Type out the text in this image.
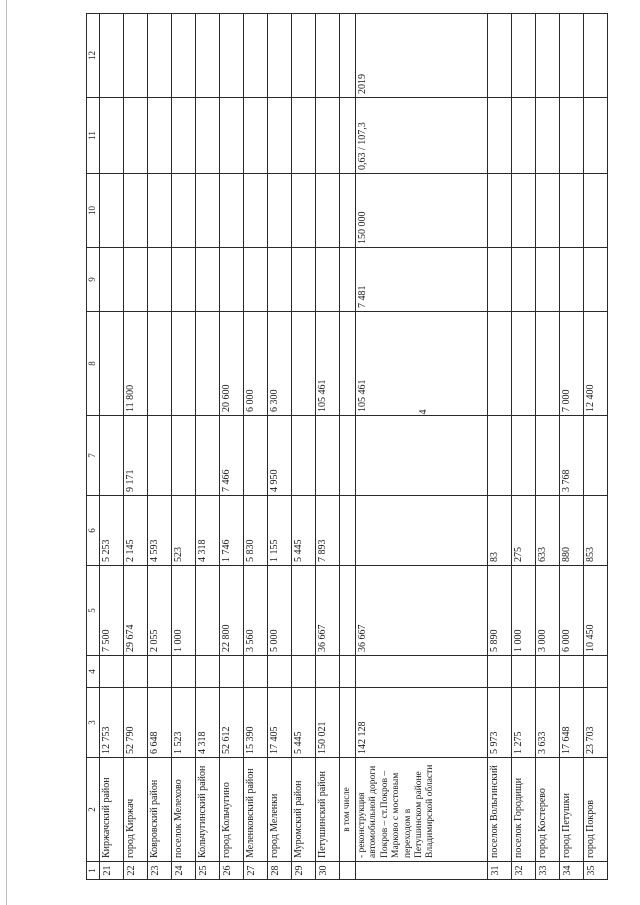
4
1	2	3	4	5	6	7	8	9	10	11	12
21	Киржачский район	12 753		7 500	5 253						
22	город Киржач	52 790		29 674	2 145	9 171	11 800				
23	Ковровский район	6 648		2 055	4 593						
24	поселок Мелехово	1 523		1 000	523						
25	Кольчугинский район	4 318			4 318						
26	город Кольчугино	52 612		22 800	1 746	7 466	20 600				
27	Меленковский район	15 390		3 560	5 830		6 000				
28	город Меленки	17 405		5 000	1 155	4 950	6 300				
29	Муромский район	5 445			5 445						
30	Петушинский район	150 021		36 667	7 893		105 461				
	в том числе										
	- реконструкция автомобильной дороги Покров – ст.Покров – Марково с мостовым переходом в Петушинском районе Владимирской области	142 128		36 667			105 461	7 481	150 000	0,63 / 107,3	2019
31	поселок Вольгинский	5 973		5 890	83						
32	поселок Городищи	1 275		1 000	275						
33	город Костерево	3 633		3 000	633						
34	город Петушки	17 648		6 000	880	3 768	7 000				
35	город Покров	23 703		10 450	853		12 400				
